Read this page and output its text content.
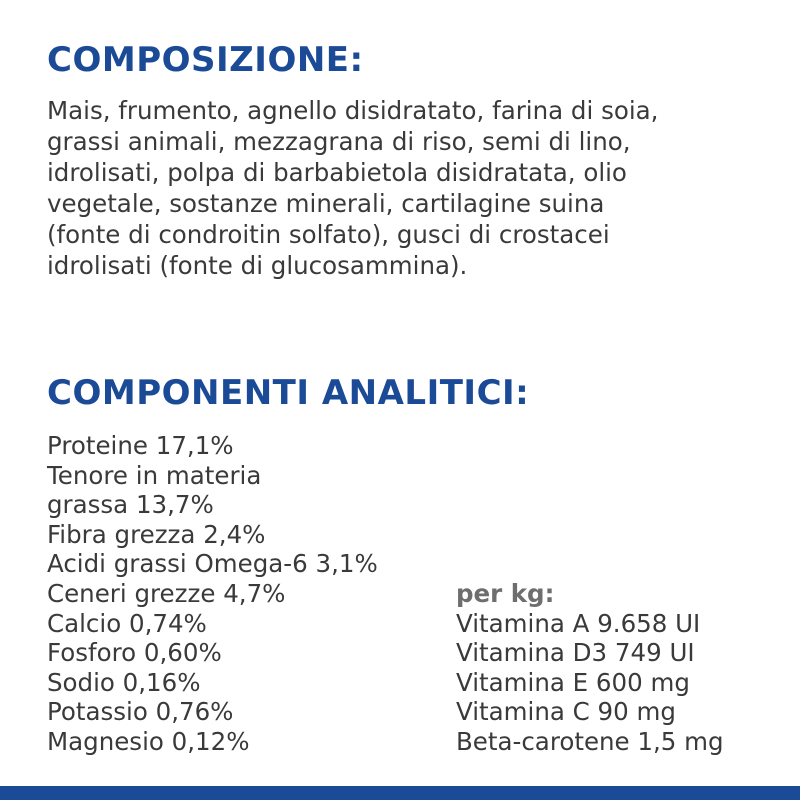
COMPOSIZIONE:

Mais, frumento, agnello disidratato, farina di soia,
grassi animali, mezzagrana di riso, semi di lino,
idrolisati, polpa di barbabietola disidratata, olio
vegetale, sostanze minerali, cartilagine suina
(fonte di condroitin solfato), gusci di crostacei
idrolisati (fonte di glucosammina).

COMPONENTI ANALITICI:
Proteine 17,1%
Tenore in materia
grassa 13,7%
Fibra grezza 2,4%
Acidi grassi Omega-6 3,1%
Ceneri grezze 4,7%
Calcio 0,74%
Fosforo 0,60%
Sodio 0,16%
Potassio 0,76%
Magnesio 0,12%

per kg:

Vitamina A 9.658 UI
Vitamina D3 749 UI
Vitamina E 600 mg
Vitamina C 90 mg
Beta-carotene 1,5 mg
